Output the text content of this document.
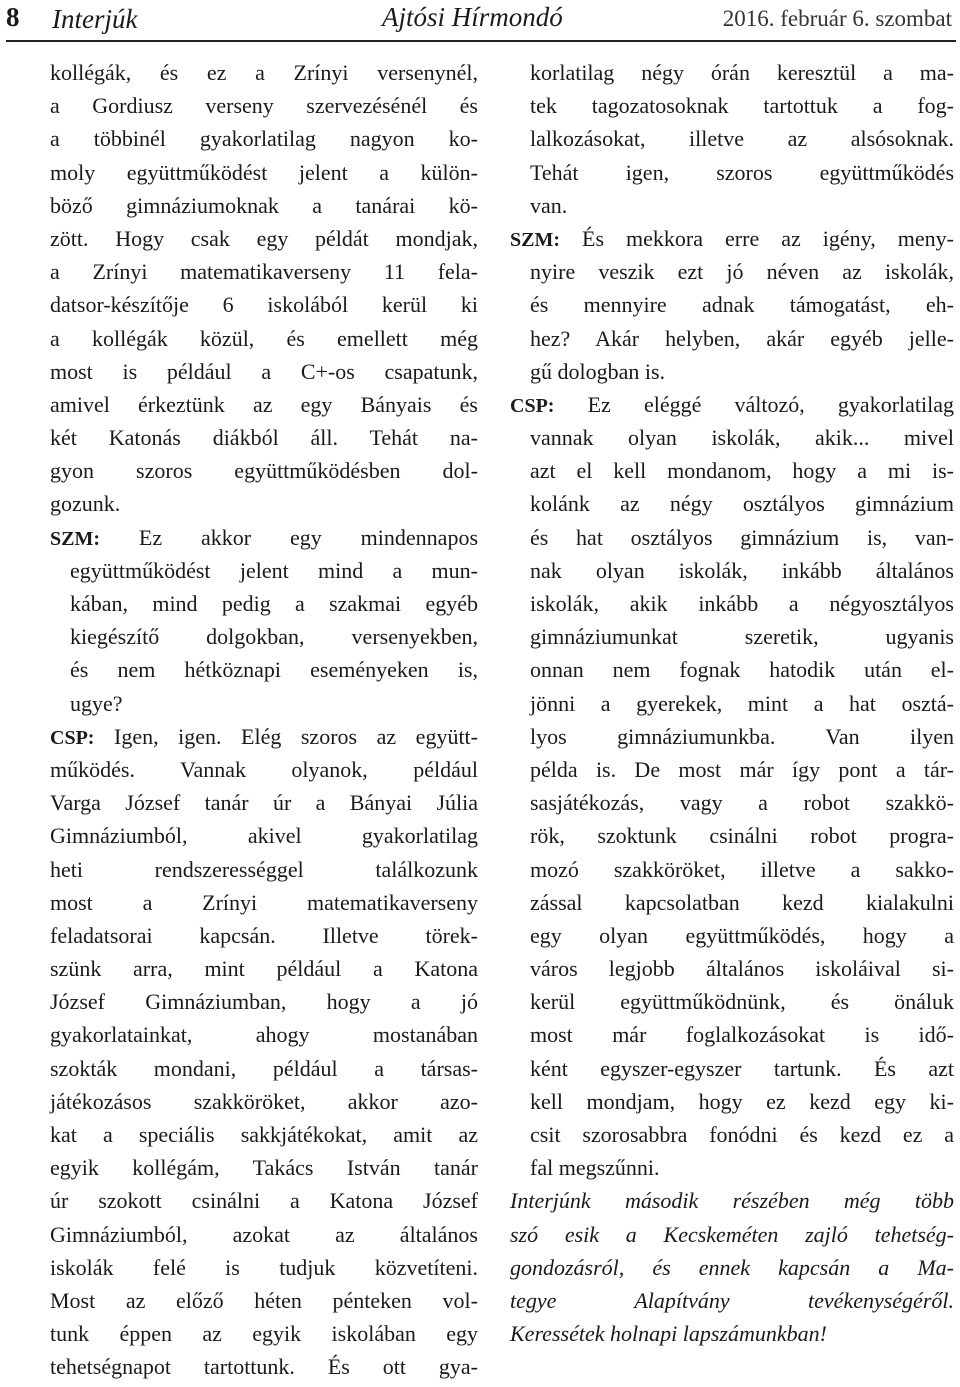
8 Interjúk	Ajtósi Hírmondó	2016. február 6. szombat
kollégák, és ez a Zrínyi versenynél,
a Gordiusz verseny szervezésénél és
a többinél gyakorlatilag nagyon ko-
moly együttműködést jelent a külön-
böző gimnáziumoknak a tanárai kö-
zött. Hogy csak egy példát mondjak,
a Zrínyi matematikaverseny 11 fela-
datsor-készítője 6 iskolából kerül ki
a kollégák közül, és emellett még
most is például a C+-os csapatunk,
amivel érkeztünk az egy Bányais és
két Katonás diákból áll. Tehát na-
gyon szoros együttműködésben dol-
gozunk.
SZM: Ez akkor egy mindennapos
együttműködést jelent mind a mun-
kában, mind pedig a szakmai egyéb
kiegészítő dolgokban, versenyekben,
és nem hétköznapi eseményeken is,
ugye?
CSP: Igen, igen. Elég szoros az együtt-
működés. Vannak olyanok, például
Varga József tanár úr a Bányai Júlia
Gimnáziumból, akivel gyakorlatilag
heti rendszerességgel találkozunk
most a Zrínyi matematikaverseny
feladatsorai kapcsán. Illetve törek-
szünk arra, mint például a Katona
József Gimnáziumban, hogy a jó
gyakorlatainkat, ahogy mostanában
szokták mondani, például a társas-
játékozásos szakköröket, akkor azo-
kat a speciális sakkjátékokat, amit az
egyik kollégám, Takács István tanár
úr szokott csinálni a Katona József
Gimnáziumból, azokat az általános
iskolák felé is tudjuk közvetíteni.
Most az előző héten pénteken vol-
tunk éppen az egyik iskolában egy
tehetségnapot tartottunk. És ott gya-
korlatilag négy órán keresztül a ma-
tek tagozatosoknak tartottuk a fog-
lalkozásokat, illetve az alsósoknak.
Tehát igen, szoros együttműködés
van.
SZM: És mekkora erre az igény, meny-
nyire veszik ezt jó néven az iskolák,
és mennyire adnak támogatást, eh-
hez? Akár helyben, akár egyéb jelle-
gű dologban is.
CSP: Ez eléggé változó, gyakorlatilag
vannak olyan iskolák, akik... mivel
azt el kell mondanom, hogy a mi is-
kolánk az négy osztályos gimnázium
és hat osztályos gimnázium is, van-
nak olyan iskolák, inkább általános
iskolák, akik inkább a négyosztályos
gimnáziumunkat szeretik, ugyanis
onnan nem fognak hatodik után el-
jönni a gyerekek, mint a hat osztá-
lyos gimnáziumunkba. Van ilyen
példa is. De most már így pont a tár-
sasjátékozás, vagy a robot szakkö-
rök, szoktunk csinálni robot progra-
mozó szakköröket, illetve a sakko-
zással kapcsolatban kezd kialakulni
egy olyan együttműködés, hogy a
város legjobb általános iskoláival si-
kerül együttműködnünk, és önáluk
most már foglalkozásokat is idő-
ként egyszer-egyszer tartunk. És azt
kell mondjam, hogy ez kezd egy ki-
csit szorosabbra fonódni és kezd ez a
fal megszűnni.
Interjúnk második részében még több
szó esik a Kecskeméten zajló tehetség-
gondozásról, és ennek kapcsán a Ma-
tegye Alapítvány tevékenységéről.
Keressétek holnapi lapszámunkban!
